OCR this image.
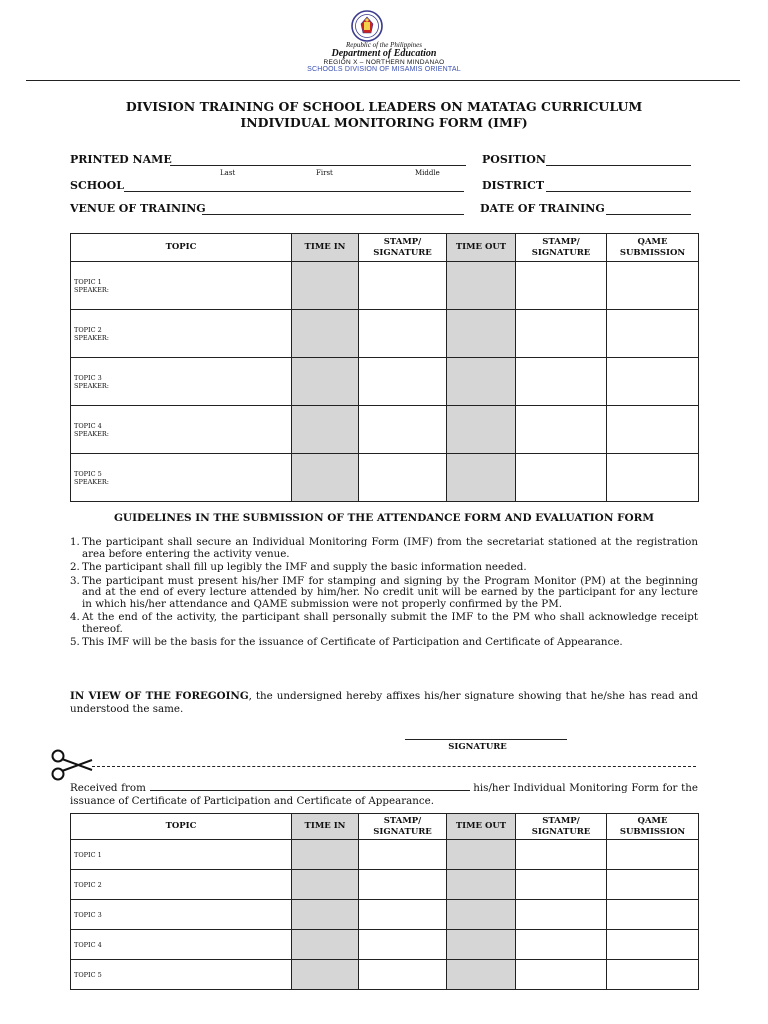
Republic of the Philippines
Department of Education
REGION X – NORTHERN MINDANAO
SCHOOLS DIVISION OF MISAMIS ORIENTAL
DIVISION TRAINING OF SCHOOL LEADERS ON MATATAG CURRICULUM
INDIVIDUAL MONITORING FORM (IMF)
PRINTED NAME
Last	First	Middle
POSITION
SCHOOL	DISTRICT
VENUE OF TRAINING	DATE OF TRAINING
TOPIC	TIME IN	STAMP/ SIGNATURE	TIME OUT	STAMP/ SIGNATURE	QAME SUBMISSION
TOPIC 1
SPEAKER:					
TOPIC 2
SPEAKER:					
TOPIC 3
SPEAKER:					
TOPIC 4
SPEAKER:					
TOPIC 5
SPEAKER:					
GUIDELINES IN THE SUBMISSION OF THE ATTENDANCE FORM AND EVALUATION FORM
1. The participant shall secure an Individual Monitoring Form (IMF) from the secretariat stationed at the registration area before entering the activity venue.
2. The participant shall fill up legibly the IMF and supply the basic information needed.
3. The participant must present his/her IMF for stamping and signing by the Program Monitor (PM) at the beginning and at the end of every lecture attended by him/her. No credit unit will be earned by the participant for any lecture in which his/her attendance and QAME submission were not properly confirmed by the PM.
4. At the end of the activity, the participant shall personally submit the IMF to the PM who shall acknowledge receipt thereof.
5. This IMF will be the basis for the issuance of Certificate of Participation and Certificate of Appearance.
IN VIEW OF THE FOREGOING, the undersigned hereby affixes his/her signature showing that he/she has read and understood the same.
SIGNATURE
Received from	his/her Individual Monitoring Form for the issuance of Certificate of Participation and Certificate of Appearance.
TOPIC	TIME IN	STAMP/ SIGNATURE	TIME OUT	STAMP/ SIGNATURE	QAME SUBMISSION
TOPIC 1					
TOPIC 2					
TOPIC 3					
TOPIC 4					
TOPIC 5					
